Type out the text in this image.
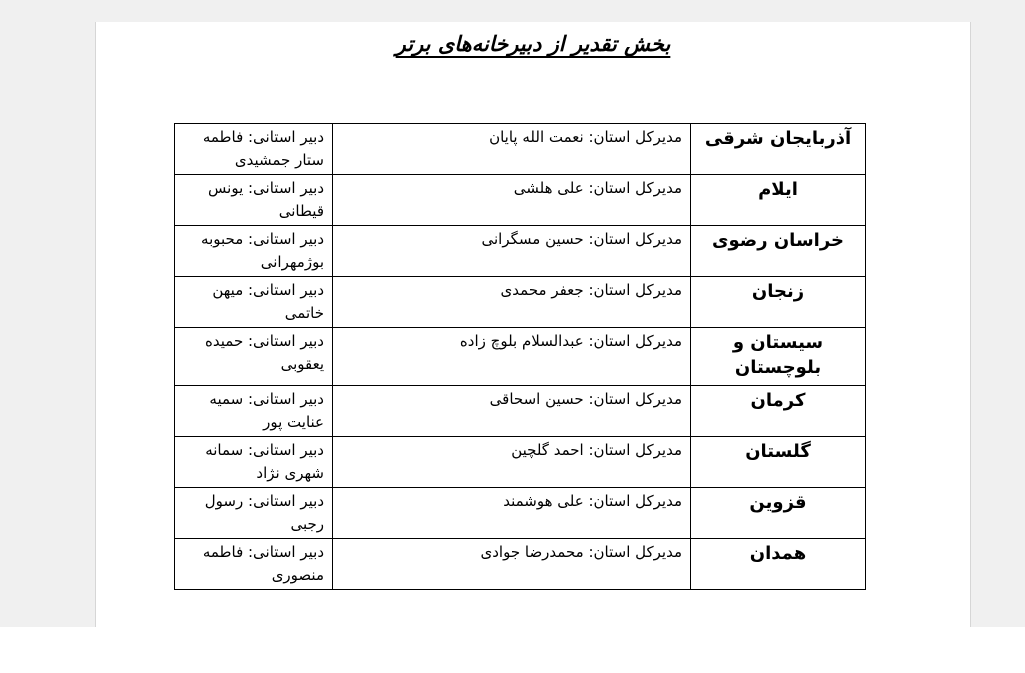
بخش تقدیر از دبیرخانه‌های برتر
آذربایجان شرقی	مدیرکل استان: نعمت الله پایان	دبیر استانی: فاطمه ستار جمشیدی
ایلام	مدیرکل استان: علی هلشی	دبیر استانی: یونس قیطانی
خراسان رضوی	مدیرکل استان: حسین مسگرانی	دبیر استانی: محبوبه بوژمهرانی
زنجان	مدیرکل استان: جعفر محمدی	دبیر استانی: میهن خاتمی
سیستان و بلوچستان	مدیرکل استان: عبدالسلام بلوچ زاده	دبیر استانی: حمیده یعقوبی
کرمان	مدیرکل استان: حسین اسحاقی	دبیر استانی: سمیه عنایت پور
گلستان	مدیرکل استان: احمد گلچین	دبیر استانی: سمانه شهری نژاد
قزوین	مدیرکل استان: علی هوشمند	دبیر استانی: رسول رجبی
همدان	مدیرکل استان: محمدرضا جوادی	دبیر استانی: فاطمه منصوری
